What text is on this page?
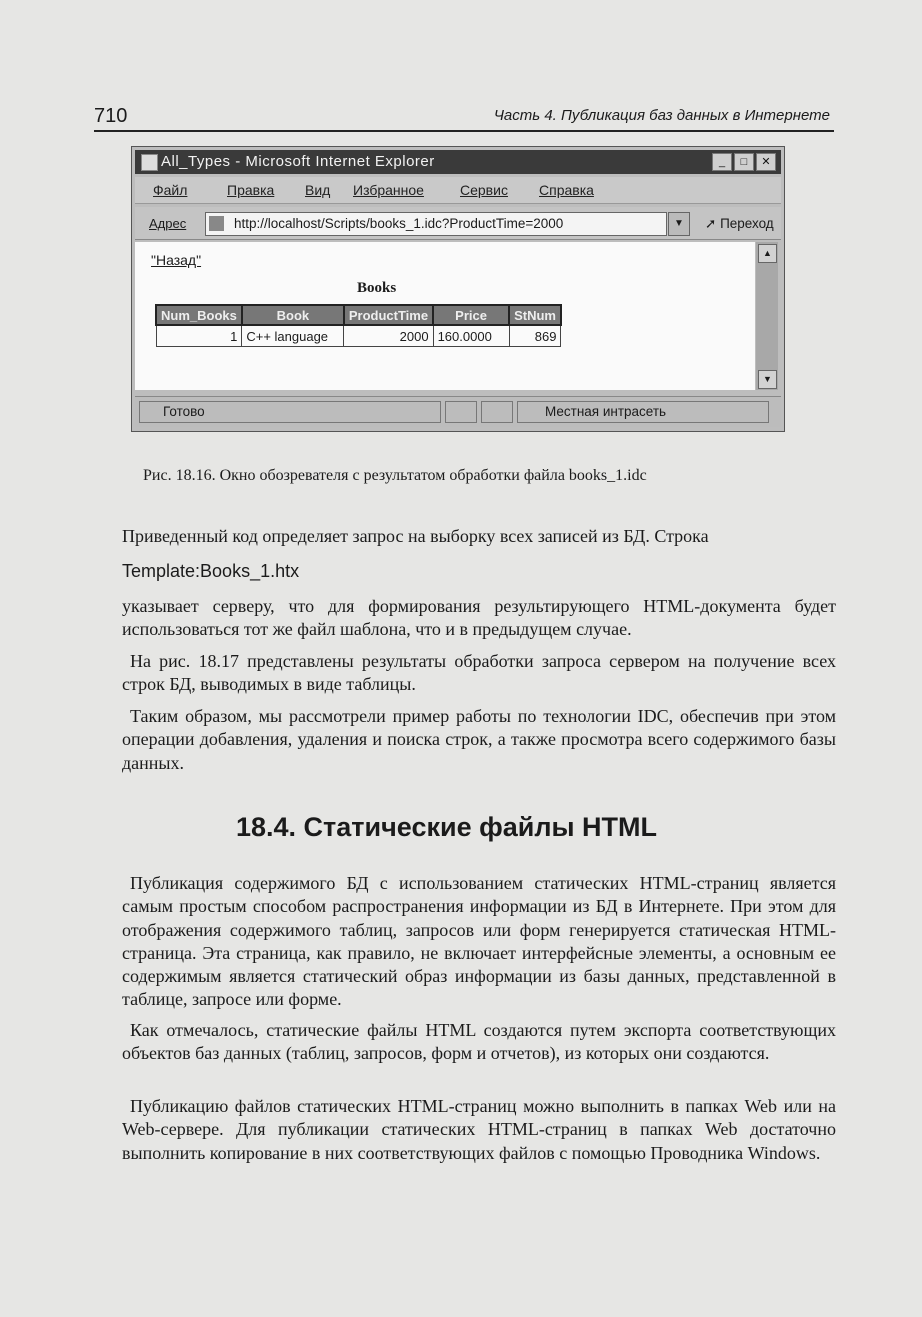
710	Часть 4. Публикация баз данных в Интернете
All_Types - Microsoft Internet Explorer	_	□	✕
Файл	Правка Вид Избранное	Сервис Справка
Адрес	http://localhost/Scripts/books_1.idc?ProductTime=2000	▼	➚ Переход
"Назад"
Books
Num_Books	Book	ProductTime	Price	StNum
1	C++ language	2000	160.0000	869
▲
▼
Готово	Местная интрасеть
Рис. 18.16. Окно обозревателя с результатом обработки файла books_1.idc

Приведенный код определяет запрос на выборку всех записей из БД. Строка

Template:Books_1.htx

указывает серверу, что для формирования результирующего HTML-документа будет использоваться тот же файл шаблона, что и в предыдущем случае.

На рис. 18.17 представлены результаты обработки запроса сервером на получение всех строк БД, выводимых в виде таблицы.

Таким образом, мы рассмотрели пример работы по технологии IDC, обеспечив при этом операции добавления, удаления и поиска строк, а также просмотра всего содержимого базы данных.

18.4. Статические файлы HTML

Публикация содержимого БД с использованием статических HTML-страниц является самым простым способом распространения информации из БД в Интернете. При этом для отображения содержимого таблиц, запросов или форм генерируется статическая HTML-страница. Эта страница, как правило, не включает интерфейсные элементы, а основным ее содержимым является статический образ информации из базы данных, представленной в таблице, запросе или форме.

Как отмечалось, статические файлы HTML создаются путем экспорта соответствующих объектов баз данных (таблиц, запросов, форм и отчетов), из которых они создаются.

Публикацию файлов статических HTML-страниц можно выполнить в папках Web или на Web-сервере. Для публикации статических HTML-страниц в папках Web достаточно выполнить копирование в них соответствующих файлов с помощью Проводника Windows.
